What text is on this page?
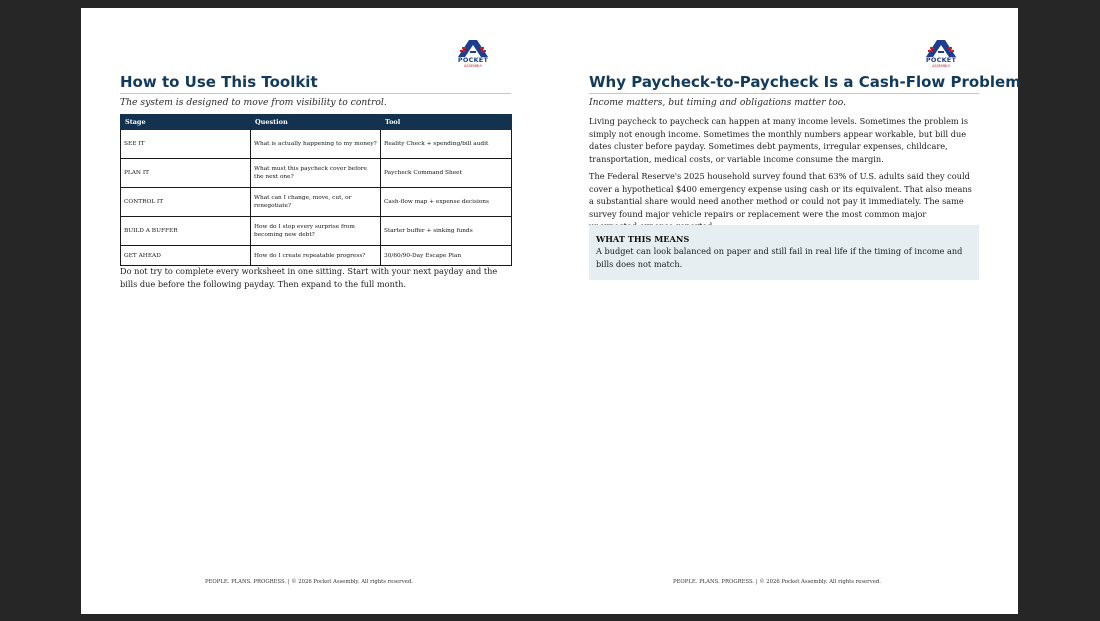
POCKET
ASSEMBLY
POCKET
ASSEMBLY
How to Use This Toolkit
The system is designed to move from visibility to control.
Stage	Question	Tool
SEE IT	What is actually happening to my money?	Reality Check + spending/bill audit
PLAN IT	What must this paycheck cover before the next one?	Paycheck Command Sheet
CONTROL IT	What can I change, move, cut, or renegotiate?	Cash-flow map + expense decisions
BUILD A BUFFER	How do I stop every surprise from becoming new debt?	Starter buffer + sinking funds
GET AHEAD	How do I create repeatable progress?	30/60/90-Day Escape Plan

Do not try to complete every worksheet in one sitting. Start with your next payday and the bills due before the following payday. Then expand to the full month.

PEOPLE. PLANS. PROGRESS. | © 2026 Pocket Assembly. All rights reserved.
Why Paycheck-to-Paycheck Is a Cash-Flow Problem
Income matters, but timing and obligations matter too.

Living paycheck to paycheck can happen at many income levels. Sometimes the problem is simply not enough income. Sometimes the monthly numbers appear workable, but bill due dates cluster before payday. Sometimes debt payments, irregular expenses, childcare, transportation, medical costs, or variable income consume the margin.

The Federal Reserve's 2025 household survey found that 63% of U.S. adults said they could cover a hypothetical $400 emergency expense using cash or its equivalent. That also means a substantial share would need another method or could not pay it immediately. The same survey found major vehicle repairs or replacement were the most common major

WHAT THIS MEANS
A budget can look balanced on paper and still fail in real life if the timing of income and bills does not match.
PEOPLE. PLANS. PROGRESS. | © 2026 Pocket Assembly. All rights reserved.
